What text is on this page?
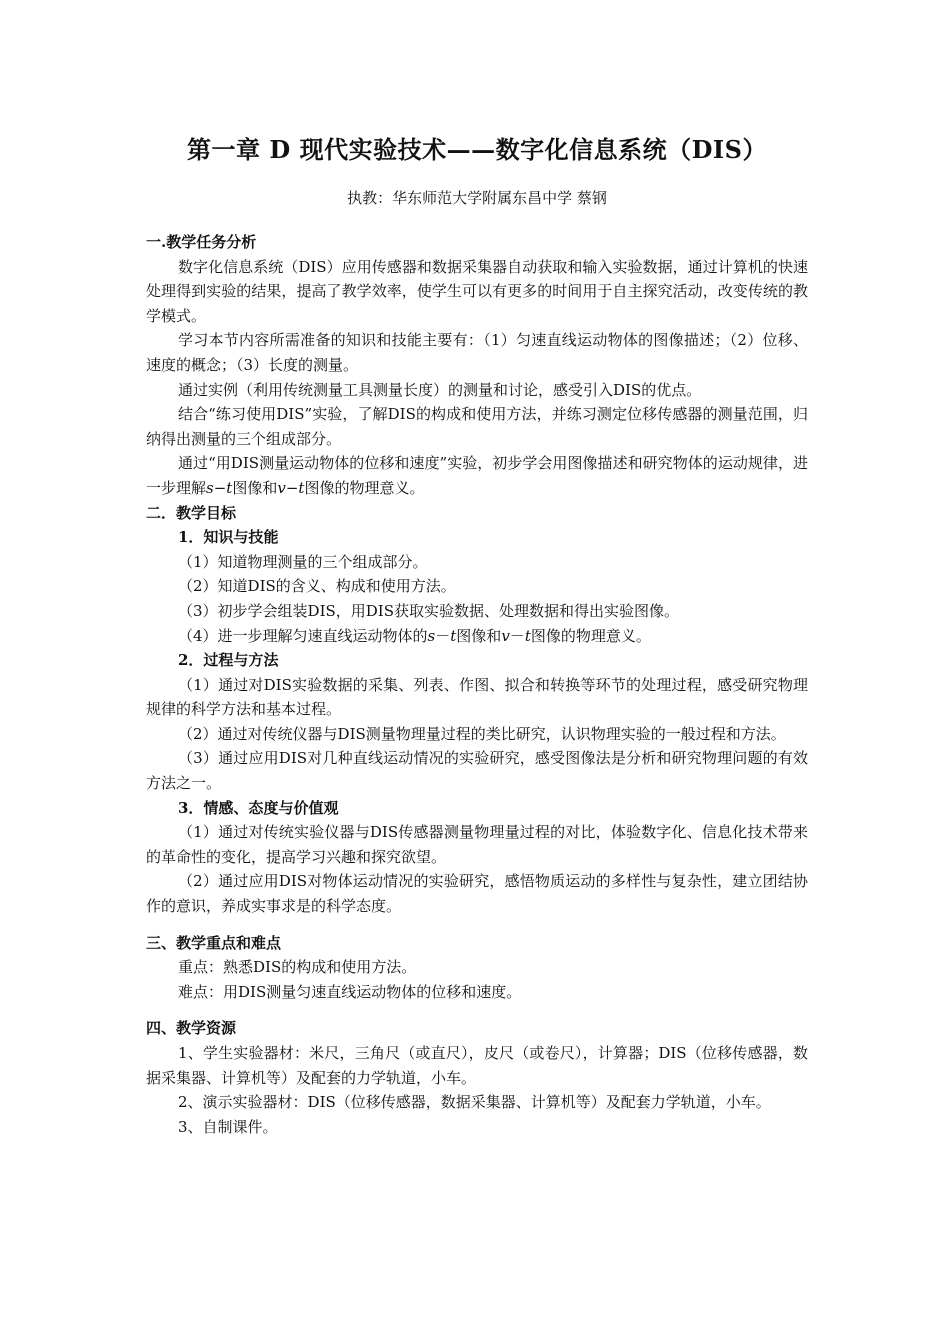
第一章 D 现代实验技术——数字化信息系统（DIS）
执教：华东师范大学附属东昌中学 蔡钢
一.教学任务分析

数字化信息系统（DIS）应用传感器和数据采集器自动获取和输入实验数据，通过计算机的快速处理得到实验的结果，提高了教学效率，使学生可以有更多的时间用于自主探究活动，改变传统的教学模式。

学习本节内容所需准备的知识和技能主要有：（1）匀速直线运动物体的图像描述；（2）位移、速度的概念；（3）长度的测量。

通过实例（利用传统测量工具测量长度）的测量和讨论，感受引入DIS的优点。

结合“练习使用DIS”实验，了解DIS的构成和使用方法，并练习测定位移传感器的测量范围，归纳得出测量的三个组成部分。

通过“用DIS测量运动物体的位移和速度”实验，初步学会用图像描述和研究物体的运动规律，进一步理解s−t图像和v−t图像的物理意义。

二．教学目标
1．知识与技能

（1）知道物理测量的三个组成部分。

（2）知道DIS的含义、构成和使用方法。

（3）初步学会组装DIS，用DIS获取实验数据、处理数据和得出实验图像。

（4）进一步理解匀速直线运动物体的s－t图像和v－t图像的物理意义。

2．过程与方法

（1）通过对DIS实验数据的采集、列表、作图、拟合和转换等环节的处理过程，感受研究物理规律的科学方法和基本过程。

（2）通过对传统仪器与DIS测量物理量过程的类比研究，认识物理实验的一般过程和方法。

（3）通过应用DIS对几种直线运动情况的实验研究，感受图像法是分析和研究物理问题的有效方法之一。

3．情感、态度与价值观

（1）通过对传统实验仪器与DIS传感器测量物理量过程的对比，体验数字化、信息化技术带来的革命性的变化，提高学习兴趣和探究欲望。

（2）通过应用DIS对物体运动情况的实验研究，感悟物质运动的多样性与复杂性，建立团结协作的意识，养成实事求是的科学态度。

三、教学重点和难点

重点：熟悉DIS的构成和使用方法。

难点：用DIS测量匀速直线运动物体的位移和速度。

四、教学资源

1、学生实验器材：米尺，三角尺（或直尺），皮尺（或卷尺），计算器；DIS（位移传感器，数据采集器、计算机等）及配套的力学轨道，小车。

2、演示实验器材：DIS（位移传感器，数据采集器、计算机等）及配套力学轨道，小车。

3、自制课件。
